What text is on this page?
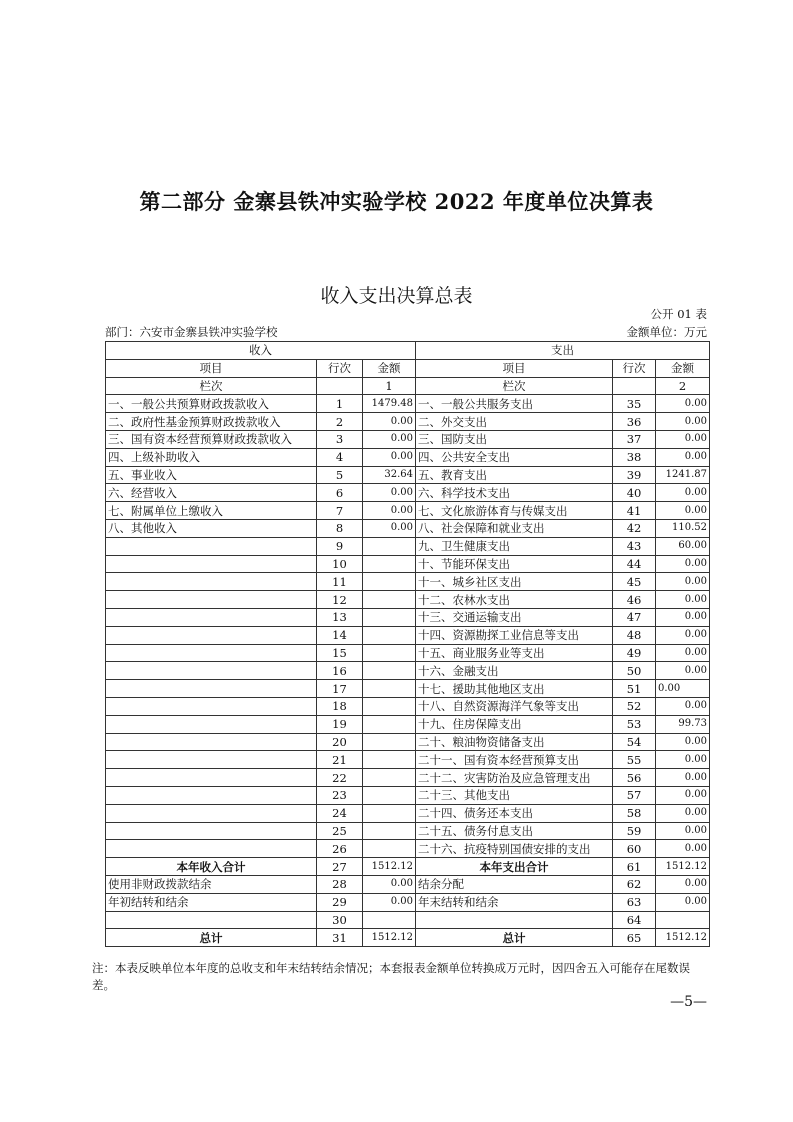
第二部分 金寨县铁冲实验学校 2022 年度单位决算表
收入支出决算总表
公开 01 表
部门：六安市金寨县铁冲实验学校	金额单位：万元
收入			支出		
项目	行次	金额	项目	行次	金额
栏次		1	栏次		2
一、一般公共预算财政拨款收入	1	1479.48	一、一般公共服务支出	35	0.00
二、政府性基金预算财政拨款收入	2	0.00	二、外交支出	36	0.00
三、国有资本经营预算财政拨款收入	3	0.00	三、国防支出	37	0.00
四、上级补助收入	4	0.00	四、公共安全支出	38	0.00
五、事业收入	5	32.64	五、教育支出	39	1241.87
六、经营收入	6	0.00	六、科学技术支出	40	0.00
七、附属单位上缴收入	7	0.00	七、文化旅游体育与传媒支出	41	0.00
八、其他收入	8	0.00	八、社会保障和就业支出	42	110.52
	9		九、卫生健康支出	43	60.00
	10		十、节能环保支出	44	0.00
	11		十一、城乡社区支出	45	0.00
	12		十二、农林水支出	46	0.00
	13		十三、交通运输支出	47	0.00
	14		十四、资源勘探工业信息等支出	48	0.00
	15		十五、商业服务业等支出	49	0.00
	16		十六、金融支出	50	0.00
	17		十七、援助其他地区支出	51	0.00
	18		十八、自然资源海洋气象等支出	52	0.00
	19		十九、住房保障支出	53	99.73
	20		二十、粮油物资储备支出	54	0.00
	21		二十一、国有资本经营预算支出	55	0.00
	22		二十二、灾害防治及应急管理支出	56	0.00
	23		二十三、其他支出	57	0.00
	24		二十四、债务还本支出	58	0.00
	25		二十五、债务付息支出	59	0.00
	26		二十六、抗疫特别国债安排的支出	60	0.00
本年收入合计	27	1512.12	本年支出合计	61	1512.12
使用非财政拨款结余	28	0.00	结余分配	62	0.00
年初结转和结余	29	0.00	年末结转和结余	63	0.00
	30			64	
总计	31	1512.12	总计	65	1512.12
注：本表反映单位本年度的总收支和年末结转结余情况；本套报表金额单位转换成万元时，因四舍五入可能存在尾数误差。
—5—
